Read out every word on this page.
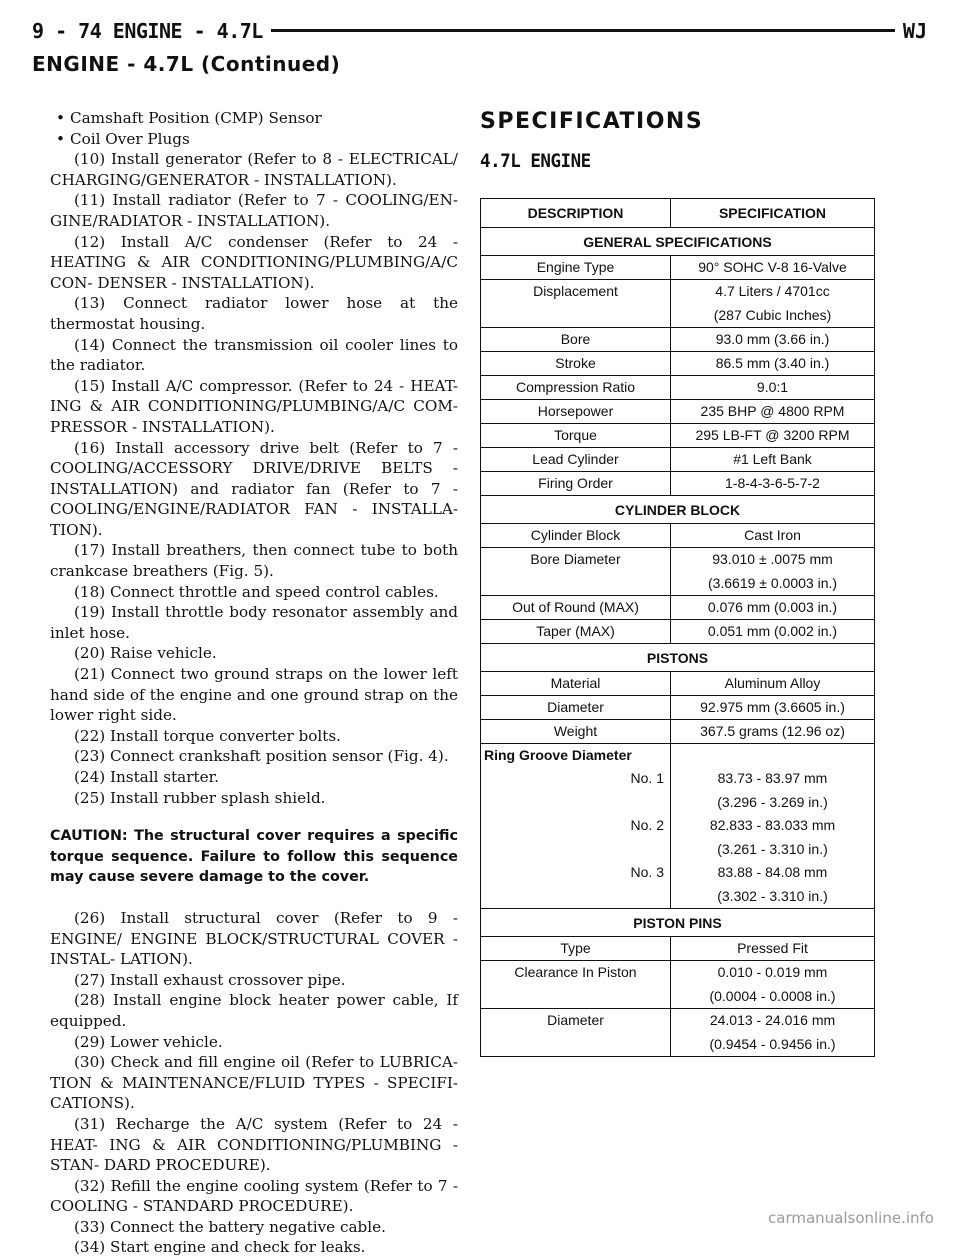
9 - 74 ENGINE - 4.7L	WJ
ENGINE - 4.7L (Continued)
• Camshaft Position (CMP) Sensor
• Coil Over Plugs
(10) Install generator (Refer to 8 - ELECTRICAL/ CHARGING/GENERATOR - INSTALLATION).
(11) Install radiator (Refer to 7 - COOLING/EN- GINE/RADIATOR - INSTALLATION).
(12) Install A/C condenser (Refer to 24 - HEATING & AIR CONDITIONING/PLUMBING/A/C CON- DENSER - INSTALLATION).
(13) Connect radiator lower hose at the thermostat housing.
(14) Connect the transmission oil cooler lines to the radiator.
(15) Install A/C compressor. (Refer to 24 - HEAT- ING & AIR CONDITIONING/PLUMBING/A/C COM- PRESSOR - INSTALLATION).
(16) Install accessory drive belt (Refer to 7 - COOLING/ACCESSORY DRIVE/DRIVE BELTS - INSTALLATION) and radiator fan (Refer to 7 - COOLING/ENGINE/RADIATOR FAN - INSTALLA- TION).
(17) Install breathers, then connect tube to both crankcase breathers (Fig. 5).
(18) Connect throttle and speed control cables.
(19) Install throttle body resonator assembly and inlet hose.
(20) Raise vehicle.
(21) Connect two ground straps on the lower left hand side of the engine and one ground strap on the lower right side.
(22) Install torque converter bolts.
(23) Connect crankshaft position sensor (Fig. 4).
(24) Install starter.
(25) Install rubber splash shield.
CAUTION: The structural cover requires a specific torque sequence. Failure to follow this sequence may cause severe damage to the cover.
(26) Install structural cover (Refer to 9 - ENGINE/ ENGINE BLOCK/STRUCTURAL COVER - INSTAL- LATION).
(27) Install exhaust crossover pipe.
(28) Install engine block heater power cable, If equipped.
(29) Lower vehicle.
(30) Check and fill engine oil (Refer to LUBRICA- TION & MAINTENANCE/FLUID TYPES - SPECIFI- CATIONS).
(31) Recharge the A/C system (Refer to 24 - HEAT- ING & AIR CONDITIONING/PLUMBING - STAN- DARD PROCEDURE).
(32) Refill the engine cooling system (Refer to 7 - COOLING - STANDARD PROCEDURE).
(33) Connect the battery negative cable.
(34) Start engine and check for leaks.
SPECIFICATIONS
4.7L ENGINE
DESCRIPTION	SPECIFICATION
GENERAL SPECIFICATIONS	
Engine Type	90° SOHC V-8 16-Valve
Displacement	4.7 Liters / 4701cc
(287 Cubic Inches)

Bore	93.0 mm (3.66 in.)
Stroke	86.5 mm (3.40 in.)
Compression Ratio	9.0:1
Horsepower	235 BHP @ 4800 RPM
Torque	295 LB-FT @ 3200 RPM
Lead Cylinder	#1 Left Bank
Firing Order	1-8-4-3-6-5-7-2
CYLINDER BLOCK	
Cylinder Block	Cast Iron
Bore Diameter	93.010 ± .0075 mm
(3.6619 ± 0.0003 in.)

Out of Round (MAX)	0.076 mm (0.003 in.)
Taper (MAX)	0.051 mm (0.002 in.)
PISTONS	
Material	Aluminum Alloy
Diameter	92.975 mm (3.6605 in.)
Weight	367.5 grams (12.96 oz)
Ring Groove Diameter	
No. 1	83.73 - 83.97 mm
(3.296 - 3.269 in.)

No. 2	82.833 - 83.033 mm
(3.261 - 3.310 in.)

No. 3	83.88 - 84.08 mm
(3.302 - 3.310 in.)

PISTON PINS	
Type	Pressed Fit
Clearance In Piston	0.010 - 0.019 mm
(0.0004 - 0.0008 in.)

Diameter	24.013 - 24.016 mm
(0.9454 - 0.9456 in.)
carmanualsonline.info
